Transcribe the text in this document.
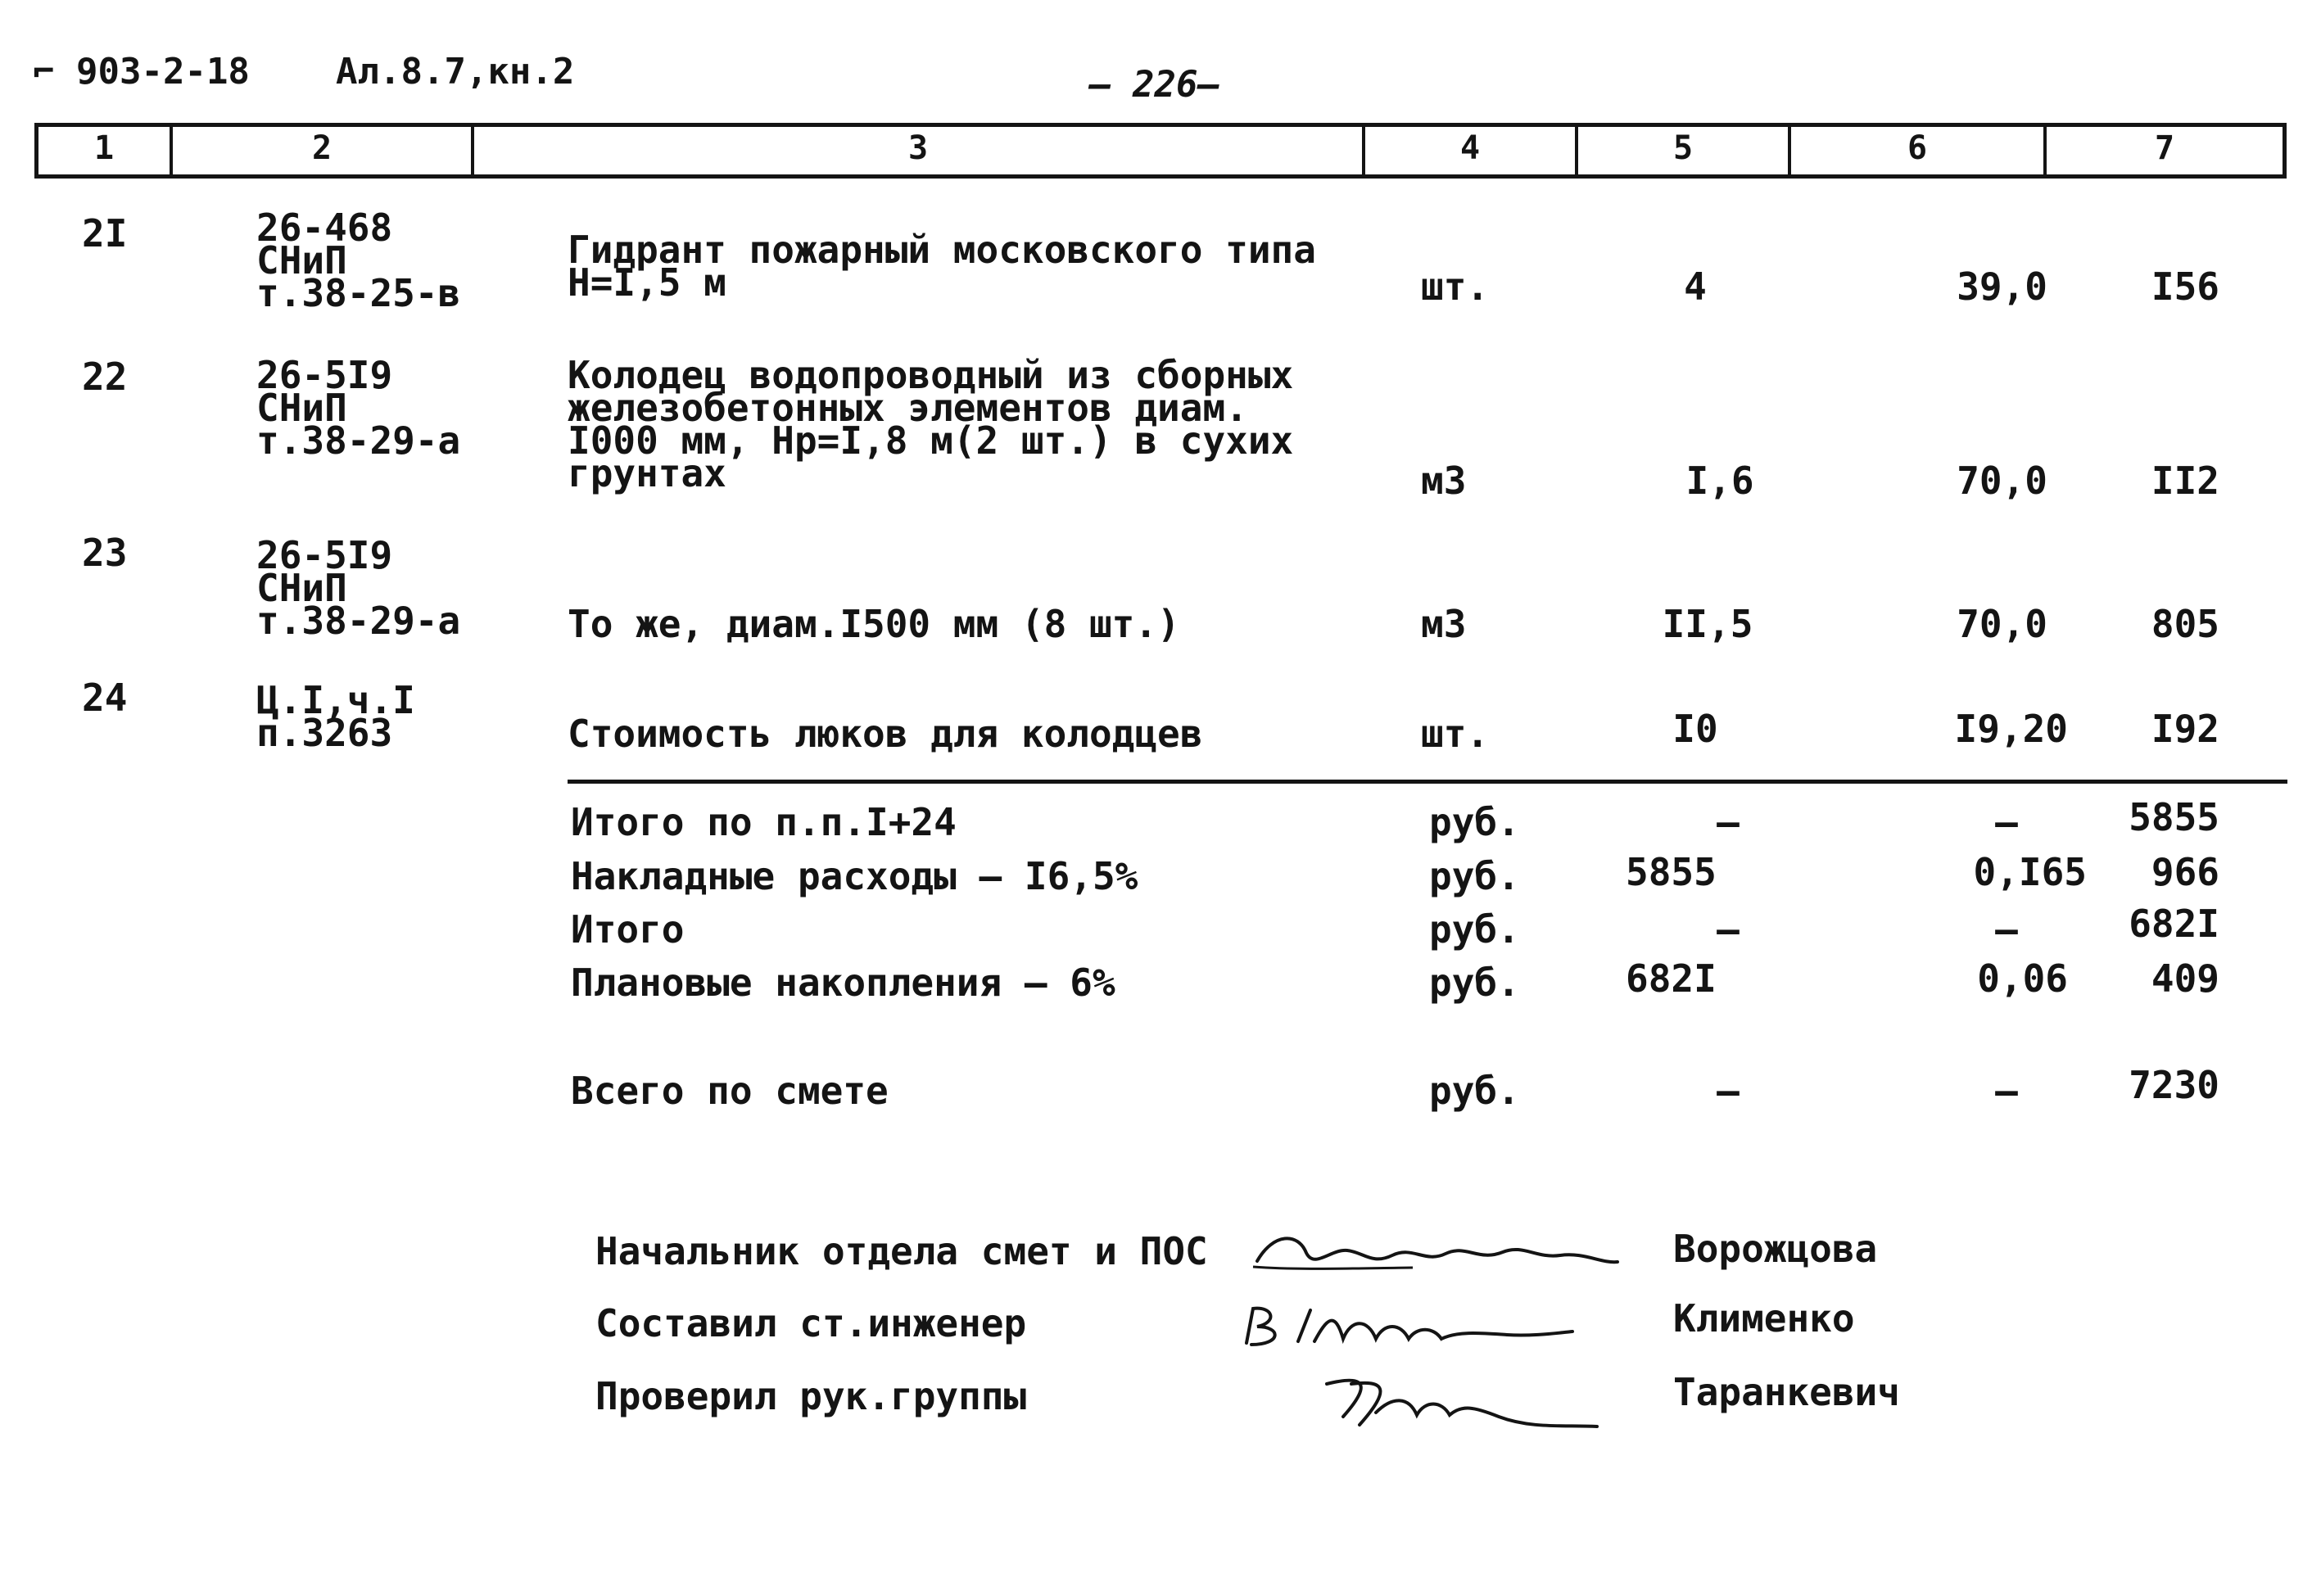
⌐ 903-2-18 Ал.8.7,кн.2	— 226—
1	2	3	4	5	6	7
2I	26-468
СНиП
т.38-25-в
Гидрант пожарный московского типа
Н=I,5 м	шт.	4	39,0	I56
22	26-5I9
СНиП
т.38-29-а
Колодец водопроводный из сборных
железобетонных элементов диам.
I000 мм, Нр=I,8 м(2 шт.) в сухих
грунтах	м3	I,6	70,0	II2
23	26-5I9
СНиП
т.38-29-а	То же, диам.I500 мм (8 шт.)	м3	II,5	70,0	805
24	Ц.I,ч.I
п.3263	Стоимость люков для колодцев	шт.	I0	I9,20	I92
Итого по п.п.I+24	руб.	–	–	5855
Накладные расходы – I6,5%	руб.	5855	0,I65	966
Итого	руб.	–	–	682I
Плановые накопления – 6%	руб.	682I	0,06	409
Всего по смете	руб.	–	–	7230
Начальник отдела смет и ПОС
Составил ст.инженер
Проверил рук.группы
Ворожцова
Клименко
Таранкевич
